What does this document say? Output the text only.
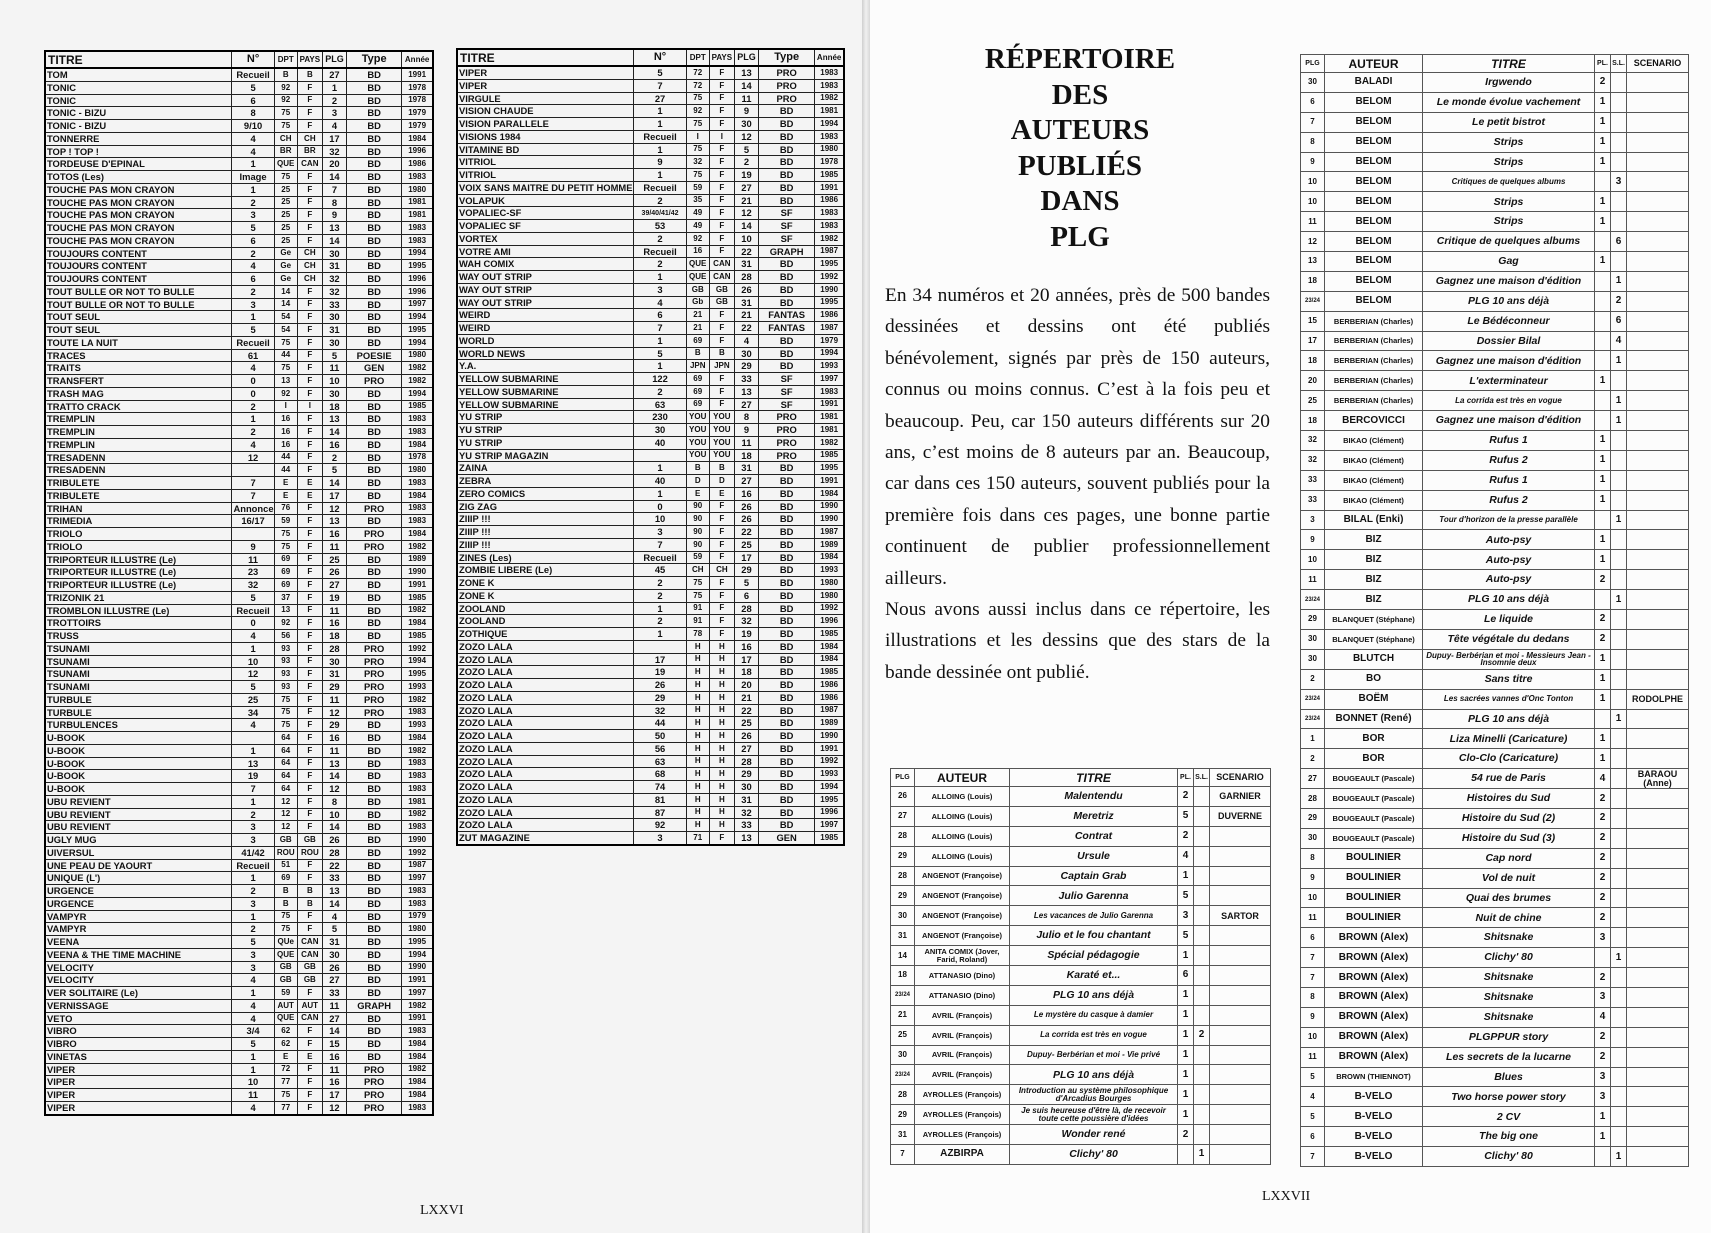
TITRE	N°	DPT	PAYS	PLG	Type	Année
TOM	Recueil	B	B	27	BD	1991
TONIC	5	92	F	1	BD	1978
TONIC	6	92	F	2	BD	1978
TONIC - BIZU	8	75	F	3	BD	1979
TONIC - BIZU	9/10	75	F	4	BD	1979
TONNERRE	4	CH	CH	17	BD	1984
TOP ! TOP !	4	BR	BR	32	BD	1996
TORDEUSE D'EPINAL	1	QUE	CAN	20	BD	1986
TOTOS (Les)	Image	75	F	14	BD	1983
TOUCHE PAS MON CRAYON	1	25	F	7	BD	1980
TOUCHE PAS MON CRAYON	2	25	F	8	BD	1981
TOUCHE PAS MON CRAYON	3	25	F	9	BD	1981
TOUCHE PAS MON CRAYON	5	25	F	13	BD	1983
TOUCHE PAS MON CRAYON	6	25	F	14	BD	1983
TOUJOURS CONTENT	2	Ge	CH	30	BD	1994
TOUJOURS CONTENT	4	Ge	CH	31	BD	1995
TOUJOURS CONTENT	6	Ge	CH	32	BD	1996
TOUT BULLE OR NOT TO BULLE	2	14	F	32	BD	1996
TOUT BULLE OR NOT TO BULLE	3	14	F	33	BD	1997
TOUT SEUL	1	54	F	30	BD	1994
TOUT SEUL	5	54	F	31	BD	1995
TOUTE LA NUIT	Recueil	75	F	30	BD	1994
TRACES	61	44	F	5	POESIE	1980
TRAITS	4	75	F	11	GEN	1982
TRANSFERT	0	13	F	10	PRO	1982
TRASH MAG	0	92	F	30	BD	1994
TRATTO CRACK	2	I	I	18	BD	1985
TREMPLIN	1	16	F	13	BD	1983
TREMPLIN	2	16	F	14	BD	1983
TREMPLIN	4	16	F	16	BD	1984
TRESADENN	12	44	F	2	BD	1978
TRESADENN		44	F	5	BD	1980
TRIBULETE	7	E	E	14	BD	1983
TRIBULETE	7	E	E	17	BD	1984
TRIHAN	Annonce	76	F	12	PRO	1983
TRIMEDIA	16/17	59	F	13	BD	1983
TRIOLO		75	F	16	PRO	1984
TRIOLO	9	75	F	11	PRO	1982
TRIPORTEUR ILLUSTRE (Le)	11	69	F	25	BD	1989
TRIPORTEUR ILLUSTRE (Le)	23	69	F	26	BD	1990
TRIPORTEUR ILLUSTRE (Le)	32	69	F	27	BD	1991
TRIZONIK 21	5	37	F	19	BD	1985
TROMBLON ILLUSTRE (Le)	Recueil	13	F	11	BD	1982
TROTTOIRS	0	92	F	16	BD	1984
TRUSS	4	56	F	18	BD	1985
TSUNAMI	1	93	F	28	PRO	1992
TSUNAMI	10	93	F	30	PRO	1994
TSUNAMI	12	93	F	31	PRO	1995
TSUNAMI	5	93	F	29	PRO	1993
TURBULE	25	75	F	11	PRO	1982
TURBULE	34	75	F	12	PRO	1983
TURBULENCES	4	75	F	29	BD	1993
U-BOOK		64	F	16	BD	1984
U-BOOK	1	64	F	11	BD	1982
U-BOOK	13	64	F	13	BD	1983
U-BOOK	19	64	F	14	BD	1983
U-BOOK	7	64	F	12	BD	1983
UBU REVIENT	1	12	F	8	BD	1981
UBU REVIENT	2	12	F	10	BD	1982
UBU REVIENT	3	12	F	14	BD	1983
UGLY MUG	3	GB	GB	26	BD	1990
UIVERSUL	41/42	ROU	ROU	28	BD	1992
UNE PEAU DE YAOURT	Recueil	51	F	22	BD	1987
UNIQUE (L')	1	69	F	33	BD	1997
URGENCE	2	B	B	13	BD	1983
URGENCE	3	B	B	14	BD	1983
VAMPYR	1	75	F	4	BD	1979
VAMPYR	2	75	F	5	BD	1980
VEENA	5	QUe	CAN	31	BD	1995
VEENA & THE TIME MACHINE	3	QUE	CAN	30	BD	1994
VELOCITY	3	GB	GB	26	BD	1990
VELOCITY	4	GB	GB	27	BD	1991
VER SOLITAIRE (Le)	1	59	F	33	BD	1997
VERNISSAGE	4	AUT	AUT	11	GRAPH	1982
VETO	4	QUE	CAN	27	BD	1991
VIBRO	3/4	62	F	14	BD	1983
VIBRO	5	62	F	15	BD	1984
VINETAS	1	E	E	16	BD	1984
VIPER	1	72	F	11	PRO	1982
VIPER	10	77	F	16	PRO	1984
VIPER	11	75	F	17	PRO	1984
VIPER	4	77	F	12	PRO	1983
TITRE	N°	DPT	PAYS	PLG	Type	Année
VIPER	5	72	F	13	PRO	1983
VIPER	7	72	F	14	PRO	1983
VIRGULE	27	75	F	11	PRO	1982
VISION CHAUDE	1	92	F	9	BD	1981
VISION PARALLELE	1	75	F	30	BD	1994
VISIONS 1984	Recueil	I	I	12	BD	1983
VITAMINE BD	1	75	F	5	BD	1980
VITRIOL	9	32	F	2	BD	1978
VITRIOL	1	75	F	19	BD	1985
VOIX SANS MAITRE DU PETIT HOMME	Recueil	59	F	27	BD	1991
VOLAPUK	2	35	F	21	BD	1986
VOPALIEC-SF	39/40/41/42	49	F	12	SF	1983
VOPALIEC SF	53	49	F	14	SF	1983
VORTEX	2	92	F	10	SF	1982
VOTRE AMI	Recueil	16	F	22	GRAPH	1987
WAH COMIX	2	QUE	CAN	31	BD	1995
WAY OUT STRIP	1	QUE	CAN	28	BD	1992
WAY OUT STRIP	3	GB	GB	26	BD	1990
WAY OUT STRIP	4	Gb	GB	31	BD	1995
WEIRD	6	21	F	21	FANTAS	1986
WEIRD	7	21	F	22	FANTAS	1987
WORLD	1	69	F	4	BD	1979
WORLD NEWS	5	B	B	30	BD	1994
Y.A.	1	JPN	JPN	29	BD	1993
YELLOW SUBMARINE	122	69	F	33	SF	1997
YELLOW SUBMARINE	2	69	F	13	SF	1983
YELLOW SUBMARINE	63	69	F	27	SF	1991
YU STRIP	230	YOU	YOU	8	PRO	1981
YU STRIP	30	YOU	YOU	9	PRO	1981
YU STRIP	40	YOU	YOU	11	PRO	1982
YU STRIP MAGAZIN		YOU	YOU	18	PRO	1985
ZAINA	1	B	B	31	BD	1995
ZEBRA	40	D	D	27	BD	1991
ZERO COMICS	1	E	E	16	BD	1984
ZIG ZAG	0	90	F	26	BD	1990
ZIIIP !!!	10	90	F	26	BD	1990
ZIIIP !!!	3	90	F	22	BD	1987
ZIIIP !!!	7	90	F	25	BD	1989
ZINES (Les)	Recueil	59	F	17	BD	1984
ZOMBIE LIBERE (Le)	45	CH	CH	29	BD	1993
ZONE K	2	75	F	5	BD	1980
ZONE K	2	75	F	6	BD	1980
ZOOLAND	1	91	F	28	BD	1992
ZOOLAND	2	91	F	32	BD	1996
ZOTHIQUE	1	78	F	19	BD	1985
ZOZO LALA		H	H	16	BD	1984
ZOZO LALA	17	H	H	17	BD	1984
ZOZO LALA	19	H	H	18	BD	1985
ZOZO LALA	26	H	H	20	BD	1986
ZOZO LALA	29	H	H	21	BD	1986
ZOZO LALA	32	H	H	22	BD	1987
ZOZO LALA	44	H	H	25	BD	1989
ZOZO LALA	50	H	H	26	BD	1990
ZOZO LALA	56	H	H	27	BD	1991
ZOZO LALA	63	H	H	28	BD	1992
ZOZO LALA	68	H	H	29	BD	1993
ZOZO LALA	74	H	H	30	BD	1994
ZOZO LALA	81	H	H	31	BD	1995
ZOZO LALA	87	H	H	32	BD	1996
ZOZO LALA	92	H	H	33	BD	1997
ZUT MAGAZINE	3	71	F	13	GEN	1985
RÉPERTOIRE
DES
AUTEURS
PUBLIÉS
DANS
PLG

En 34 numéros et 20 années, près de 500 bandes dessinées et dessins ont été publiés bénévolement, signés par près de 150 auteurs, connus ou moins connus. C’est à la fois peu et beaucoup. Peu, car 150 auteurs différents sur 20 ans, c’est moins de 8 auteurs par an. Beaucoup, car dans ces 150 auteurs, souvent publiés pour la première fois dans ces pages, une bonne partie continuent de publier professionnellement ailleurs.

Nous avons aussi inclus dans ce répertoire, les illustrations et les dessins que des stars de la bande dessinée ont publié.

PLG	AUTEUR	TITRE	PL.	S.L.	SCENARIO
26	ALLOING (Louis)	Malentendu	2		GARNIER
27	ALLOING (Louis)	Meretriz	5		DUVERNE
28	ALLOING (Louis)	Contrat	2		
29	ALLOING (Louis)	Ursule	4		
28	ANGENOT (Françoise)	Captain Grab	1		
29	ANGENOT (Françoise)	Julio Garenna	5		
30	ANGENOT (Françoise)	Les vacances de Julio Garenna	3		SARTOR
31	ANGENOT (Françoise)	Julio et le fou chantant	5		
14	ANITA COMIX (Jover, Farid, Roland)	Spécial pédagogie	1		
18	ATTANASIO (Dino)	Karaté et...	6		
23/24	ATTANASIO (Dino)	PLG 10 ans déjà	1		
21	AVRIL (François)	Le mystère du casque à damier	1		
25	AVRIL (François)	La corrida est très en vogue	1	2	
30	AVRIL (François)	Dupuy- Berbérian et moi - Vie privé	1		
23/24	AVRIL (François)	PLG 10 ans déjà	1		
28	AYROLLES (François)	Introduction au système philosophique d'Arcadius Bourges	1		
29	AYROLLES (François)	Je suis heureuse d'être là, de recevoir toute cette poussière d'idées	1		
31	AYROLLES (François)	Wonder rené	2		
7	AZBIRPA	Clichy' 80		1	
PLG	AUTEUR	TITRE	PL.	S.L.	SCENARIO
30	BALADI	Irgwendo	2		
6	BELOM	Le monde évolue vachement	1		
7	BELOM	Le petit bistrot	1		
8	BELOM	Strips	1		
9	BELOM	Strips	1		
10	BELOM	Critiques de quelques albums		3	
10	BELOM	Strips	1		
11	BELOM	Strips	1		
12	BELOM	Critique de quelques albums		6	
13	BELOM	Gag	1		
18	BELOM	Gagnez une maison d'édition		1	
23/24	BELOM	PLG 10 ans déjà		2	
15	BERBERIAN (Charles)	Le Bédéconneur		6	
17	BERBERIAN (Charles)	Dossier Bilal		4	
18	BERBERIAN (Charles)	Gagnez une maison d'édition		1	
20	BERBERIAN (Charles)	L'exterminateur	1		
25	BERBERIAN (Charles)	La corrida est très en vogue		1	
18	BERCOVICCI	Gagnez une maison d'édition		1	
32	BIKAO (Clément)	Rufus 1	1		
32	BIKAO (Clément)	Rufus 2	1		
33	BIKAO (Clément)	Rufus 1	1		
33	BIKAO (Clément)	Rufus 2	1		
3	BILAL (Enki)	Tour d'horizon de la presse parallèle		1	
9	BIZ	Auto-psy	1		
10	BIZ	Auto-psy	1		
11	BIZ	Auto-psy	2		
23/24	BIZ	PLG 10 ans déjà		1	
29	BLANQUET (Stéphane)	Le liquide	2		
30	BLANQUET (Stéphane)	Tête végétale du dedans	2		
30	BLUTCH	Dupuy- Berbérian et moi - Messieurs Jean - Insomnie deux	1		
2	BO	Sans titre	1		
23/24	BOËM	Les sacrées vannes d'Onc Tonton	1		RODOLPHE
23/24	BONNET (René)	PLG 10 ans déjà		1	
1	BOR	Liza Minelli (Caricature)	1		
2	BOR	Clo-Clo (Caricature)	1		
27	BOUGEAULT (Pascale)	54 rue de Paris	4		BARAOU (Anne)
28	BOUGEAULT (Pascale)	Histoires du Sud	2		
29	BOUGEAULT (Pascale)	Histoire du Sud (2)	2		
30	BOUGEAULT (Pascale)	Histoire du Sud (3)	2		
8	BOULINIER	Cap nord	2		
9	BOULINIER	Vol de nuit	2		
10	BOULINIER	Quai des brumes	2		
11	BOULINIER	Nuit de chine	2		
6	BROWN (Alex)	Shitsnake	3		
7	BROWN (Alex)	Clichy' 80		1	
7	BROWN (Alex)	Shitsnake	2		
8	BROWN (Alex)	Shitsnake	3		
9	BROWN (Alex)	Shitsnake	4		
10	BROWN (Alex)	PLGPPUR story	2		
11	BROWN (Alex)	Les secrets de la lucarne	2		
5	BROWN (THIENNOT)	Blues	3		
4	B-VELO	Two horse power story	3		
5	B-VELO	2 CV	1		
6	B-VELO	The big one	1		
7	B-VELO	Clichy' 80		1	
LXXVI
LXXVII
